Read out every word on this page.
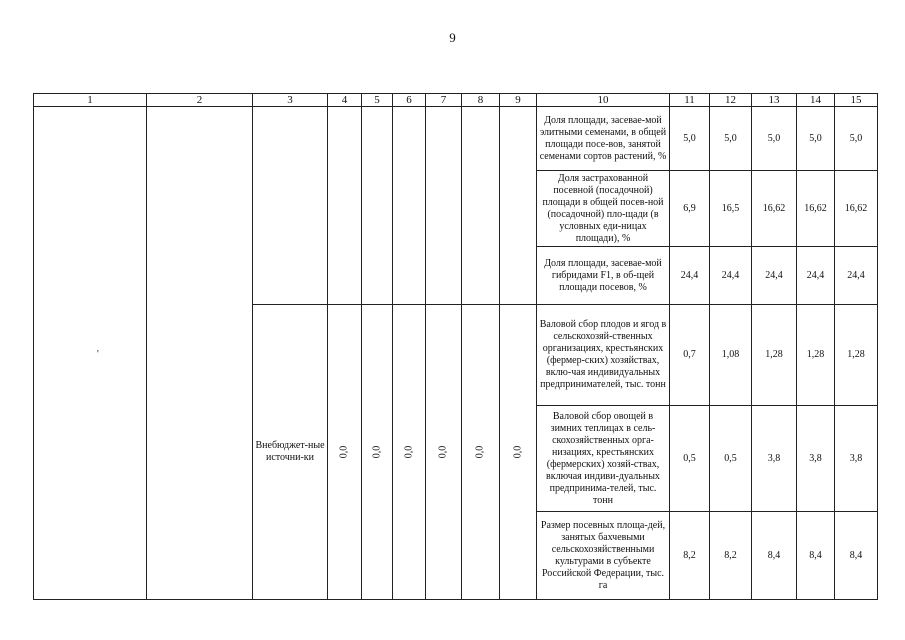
9
'
1	2	3	4	5	6	7	8	9	10	11	12	13	14	15
									Доля площади, засевае-мой элитными семенами, в общей площади посе-вов, занятой семенами сортов растений, %	5,0	5,0	5,0	5,0	5,0
									Доля застрахованной посевной (посадочной) площади в общей посев-ной (посадочной) пло-щади (в условных еди-ницах площади), %	6,9	16,5	16,62	16,62	16,62
									Доля площади, засевае-мой гибридами F1, в об-щей площади посевов, %	24,4	24,4	24,4	24,4	24,4
		Внебюджет-ные источни-ки	0,0	0,0	0,0	0,0	0,0	0,0	Валовой сбор плодов и ягод в сельскохозяй-ственных организациях, крестьянских (фермер-ских) хозяйствах, вклю-чая индивидуальных предпринимателей, тыс. тонн	0,7	1,08	1,28	1,28	1,28
									Валовой сбор овощей в зимних теплицах в сель-скохозяйственных орга-низациях, крестьянских (фермерских) хозяй-ствах, включая индиви-дуальных предпринима-телей, тыс. тонн	0,5	0,5	3,8	3,8	3,8
									Размер посевных площа-дей, занятых бахчевыми сельскохозяйственными культурами в субъекте Российской Федерации, тыс. га	8,2	8,2	8,4	8,4	8,4
